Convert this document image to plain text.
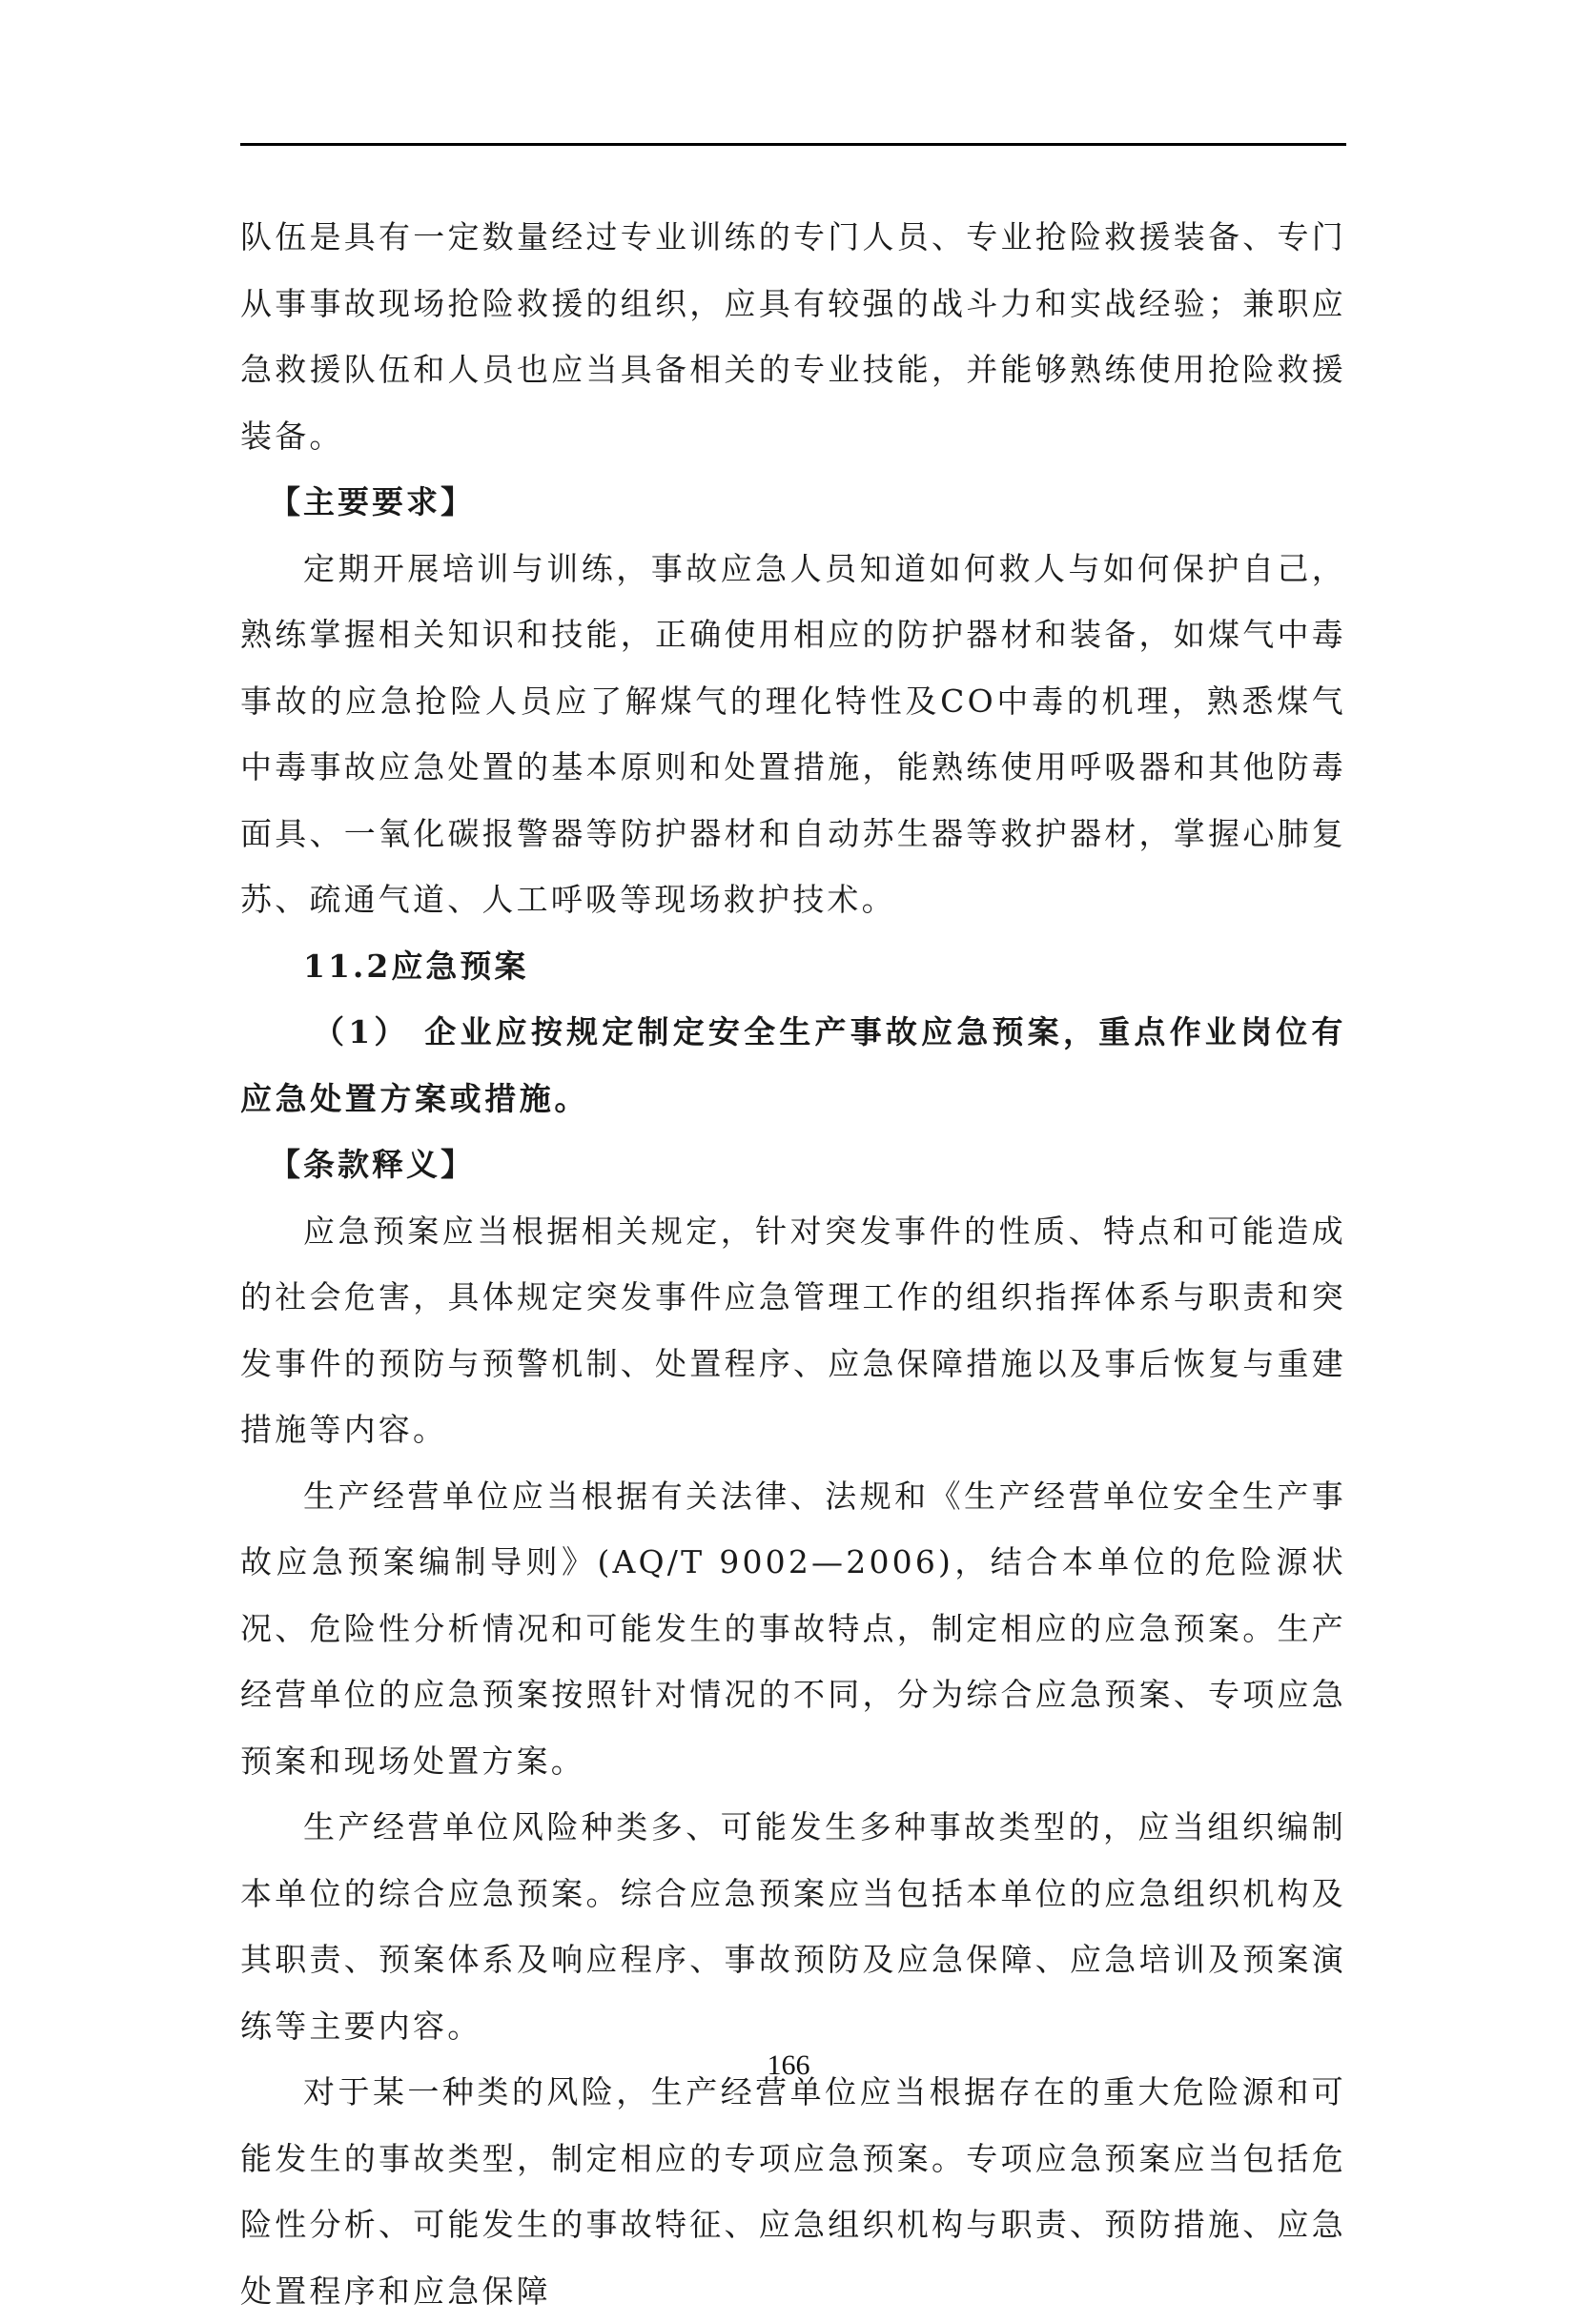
队伍是具有一定数量经过专业训练的专门人员、专业抢险救援装备、专门从事事故现场抢险救援的组织，应具有较强的战斗力和实战经验；兼职应急救援队伍和人员也应当具备相关的专业技能，并能够熟练使用抢险救援装备。

【主要要求】

定期开展培训与训练，事故应急人员知道如何救人与如何保护自己，熟练掌握相关知识和技能，正确使用相应的防护器材和装备，如煤气中毒事故的应急抢险人员应了解煤气的理化特性及CO中毒的机理，熟悉煤气中毒事故应急处置的基本原则和处置措施，能熟练使用呼吸器和其他防毒面具、一氧化碳报警器等防护器材和自动苏生器等救护器材，掌握心肺复苏、疏通气道、人工呼吸等现场救护技术。

11.2应急预案

（1） 企业应按规定制定安全生产事故应急预案，重点作业岗位有应急处置方案或措施。

【条款释义】

应急预案应当根据相关规定，针对突发事件的性质、特点和可能造成的社会危害，具体规定突发事件应急管理工作的组织指挥体系与职责和突发事件的预防与预警机制、处置程序、应急保障措施以及事后恢复与重建措施等内容。

生产经营单位应当根据有关法律、法规和《生产经营单位安全生产事故应急预案编制导则》(AQ/T 9002—2006)，结合本单位的危险源状况、危险性分析情况和可能发生的事故特点，制定相应的应急预案。生产经营单位的应急预案按照针对情况的不同，分为综合应急预案、专项应急预案和现场处置方案。

生产经营单位风险种类多、可能发生多种事故类型的，应当组织编制本单位的综合应急预案。综合应急预案应当包括本单位的应急组织机构及其职责、预案体系及响应程序、事故预防及应急保障、应急培训及预案演练等主要内容。

对于某一种类的风险，生产经营单位应当根据存在的重大危险源和可能发生的事故类型，制定相应的专项应急预案。专项应急预案应当包括危险性分析、可能发生的事故特征、应急组织机构与职责、预防措施、应急处置程序和应急保障

166
